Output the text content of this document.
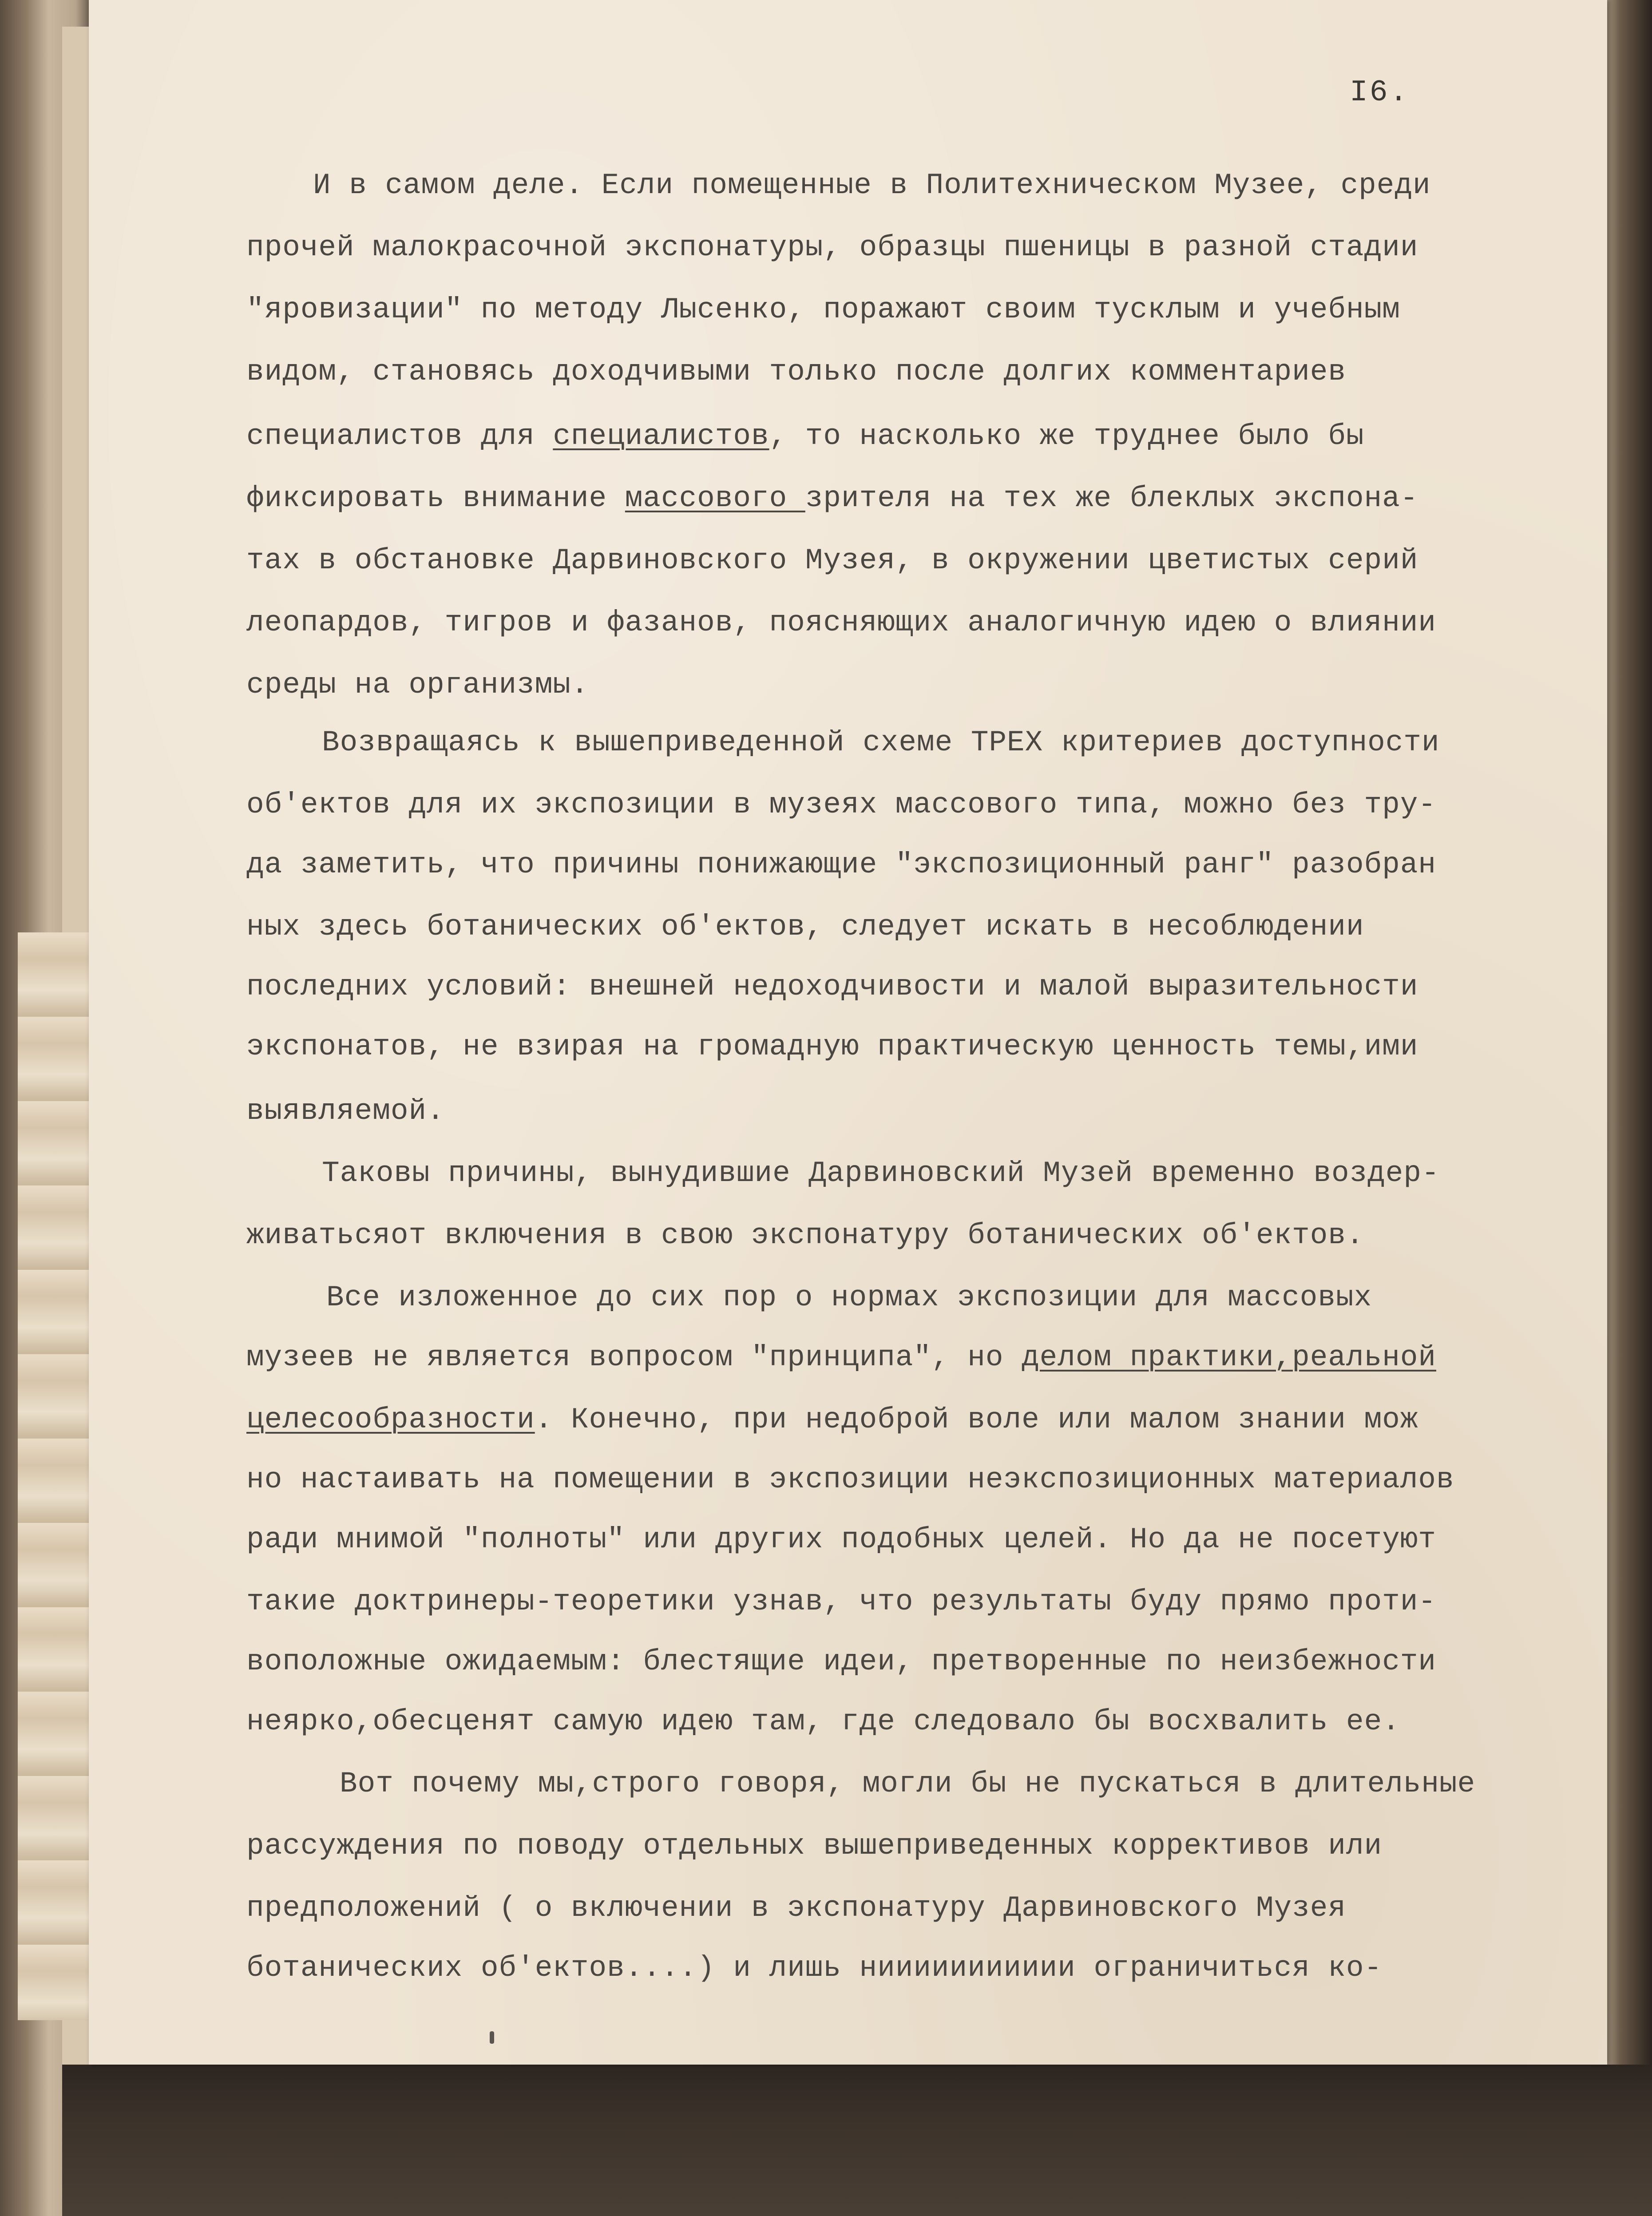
I6.
И в самом деле. Если помещенные в Политехническом Музее, среди
прочей малокрасочной экспонатуры, образцы пшеницы в разной стадии
"яровизации" по методу Лысенко, поражают своим тусклым и учебным
видом, становясь доходчивыми только после долгих комментариев
специалистов для специалистов, то насколько же труднее было бы
фиксировать внимание массового зрителя на тех же блеклых экспона-
тах в обстановке Дарвиновского Музея, в окружении цветистых серий
леопардов, тигров и фазанов, поясняющих аналогичную идею о влиянии
среды на организмы.
Возвращаясь к вышеприведенной схеме ТРЕХ критериев доступности
об'ектов для их экспозиции в музеях массового типа, можно без тру-
да заметить, что причины понижающие "экспозиционный ранг" разобран
ных здесь ботанических об'ектов, следует искать в несоблюдении
последних условий: внешней недоходчивости и малой выразительности
экспонатов, не взирая на громадную практическую ценность темы,ими
выявляемой.
Таковы причины, вынудившие Дарвиновский Музей временно воздер-
живатьсяот включения в свою экспонатуру ботанических об'ектов.
Все изложенное до сих пор о нормах экспозиции для массовых
музеев не является вопросом "принципа", но делом практики,реальной
целесообразности. Конечно, при недоброй воле или малом знании мож
но настаивать на помещении в экспозиции неэкспозиционных материалов
ради мнимой "полноты" или других подобных целей. Но да не посетуют
такие доктринеры-теоретики узнав, что результаты буду прямо проти-
воположные ожидаемым: блестящие идеи, претворенные по неизбежности
неярко,обесценят самую идею там, где следовало бы восхвалить ее.
Вот почему мы,строго говоря, могли бы не пускаться в длительные
рассуждения по поводу отдельных вышеприведенных коррективов или
предположений ( о включении в экспонатуру Дарвиновского Музея
ботанических об'ектов....) и лишь ниииииииииии ограничиться ко-
